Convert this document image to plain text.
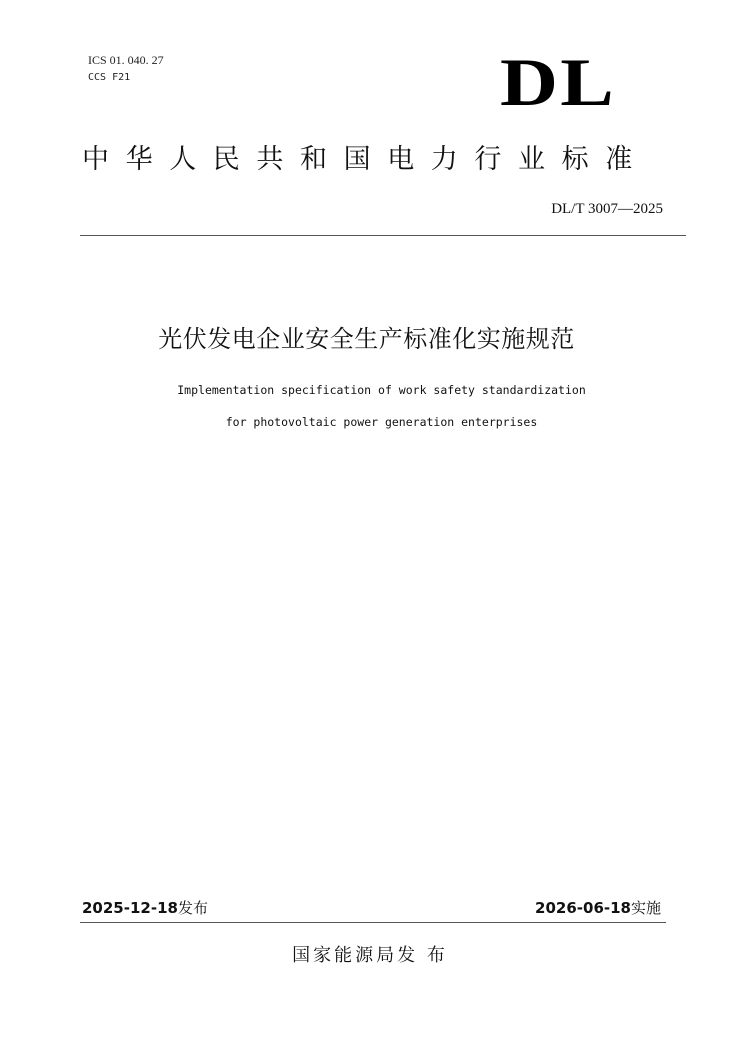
ICS 01. 040. 27
CCS F21	DL
中华人民共和国电力行业标准
DL/T 3007—2025
光伏发电企业安全生产标准化实施规范
Implementation specification of work safety standardization
for photovoltaic power generation enterprises
2025-12-18发布	2026-06-18实施
国家能源局发 布
